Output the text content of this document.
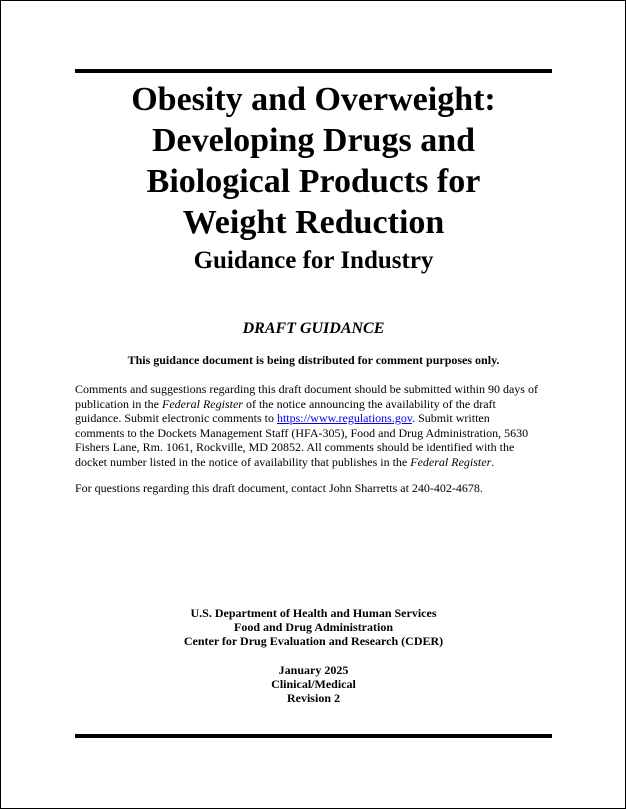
Obesity and Overweight:
Developing Drugs and
Biological Products for
Weight Reduction
Guidance for Industry
DRAFT GUIDANCE
This guidance document is being distributed for comment purposes only.
Comments and suggestions regarding this draft document should be submitted within 90 days of
publication in the Federal Register of the notice announcing the availability of the draft
guidance. Submit electronic comments to https://www.regulations.gov. Submit written
comments to the Dockets Management Staff (HFA-305), Food and Drug Administration, 5630
Fishers Lane, Rm. 1061, Rockville, MD 20852. All comments should be identified with the
docket number listed in the notice of availability that publishes in the Federal Register.
For questions regarding this draft document, contact John Sharretts at 240-402-4678.
U.S. Department of Health and Human Services
Food and Drug Administration
Center for Drug Evaluation and Research (CDER)
January 2025
Clinical/Medical
Revision 2
